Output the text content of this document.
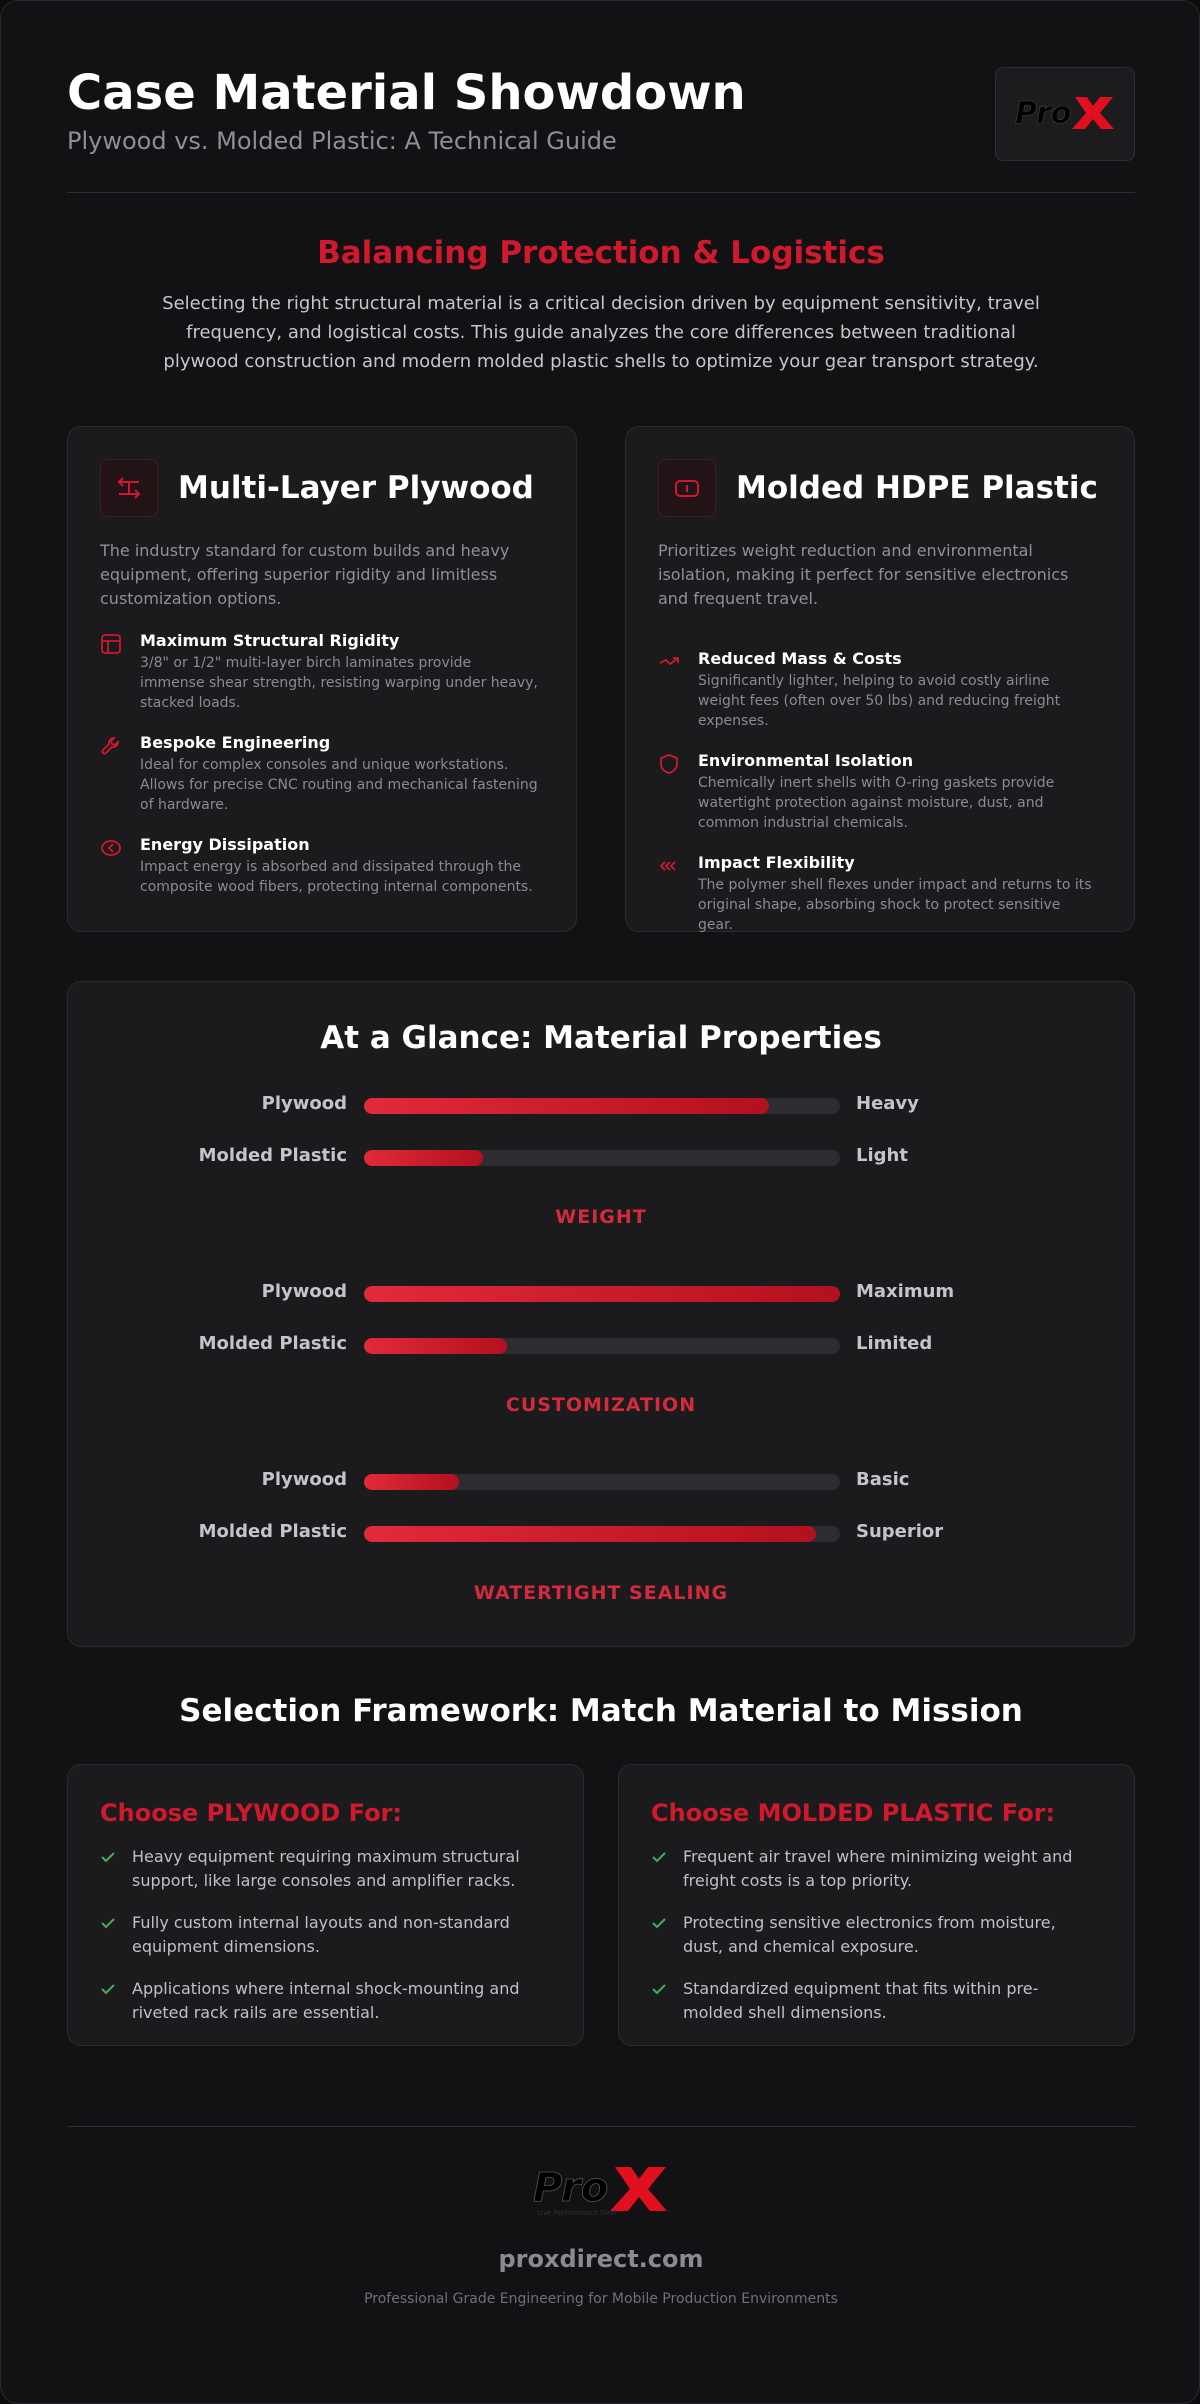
Case Material Showdown
Plywood vs. Molded Plastic: A Technical Guide
Pro
Live Performance Gear
Balancing Protection & Logistics

Selecting the right structural material is a critical decision driven by equipment sensitivity, travel frequency, and logistical costs. This guide analyzes the core differences between traditional plywood construction and modern molded plastic shells to optimize your gear transport strategy.

Multi-Layer Plywood
The industry standard for custom builds and heavy equipment, offering superior rigidity and limitless customization options.
Maximum Structural Rigidity
3/8" or 1/2" multi-layer birch laminates provide immense shear strength, resisting warping under heavy, stacked loads.
Bespoke Engineering
Ideal for complex consoles and unique workstations. Allows for precise CNC routing and mechanical fastening of hardware.
Energy Dissipation
Impact energy is absorbed and dissipated through the composite wood fibers, protecting internal components.
Molded HDPE Plastic
Prioritizes weight reduction and environmental isolation, making it perfect for sensitive electronics and frequent travel.
Reduced Mass & Costs
Significantly lighter, helping to avoid costly airline weight fees (often over 50 lbs) and reducing freight expenses.
Environmental Isolation
Chemically inert shells with O-ring gaskets provide watertight protection against moisture, dust, and common industrial chemicals.
Impact Flexibility
The polymer shell flexes under impact and returns to its original shape, absorbing shock to protect sensitive gear.
At a Glance: Material Properties
Plywood	Heavy
Molded Plastic	Light
WEIGHT
Plywood	Maximum
Molded Plastic	Limited
CUSTOMIZATION
Plywood	Basic
Molded Plastic	Superior
WATERTIGHT SEALING
Selection Framework: Match Material to Mission
Choose PLYWOOD For:
Heavy equipment requiring maximum structural support, like large consoles and amplifier racks.
Fully custom internal layouts and non-standard equipment dimensions.
Applications where internal shock-mounting and riveted rack rails are essential.
Choose MOLDED PLASTIC For:
Frequent air travel where minimizing weight and freight costs is a top priority.
Protecting sensitive electronics from moisture, dust, and chemical exposure.
Standardized equipment that fits within pre-molded shell dimensions.
Pro
Live Performance Gear
proxdirect.com
Professional Grade Engineering for Mobile Production Environments
